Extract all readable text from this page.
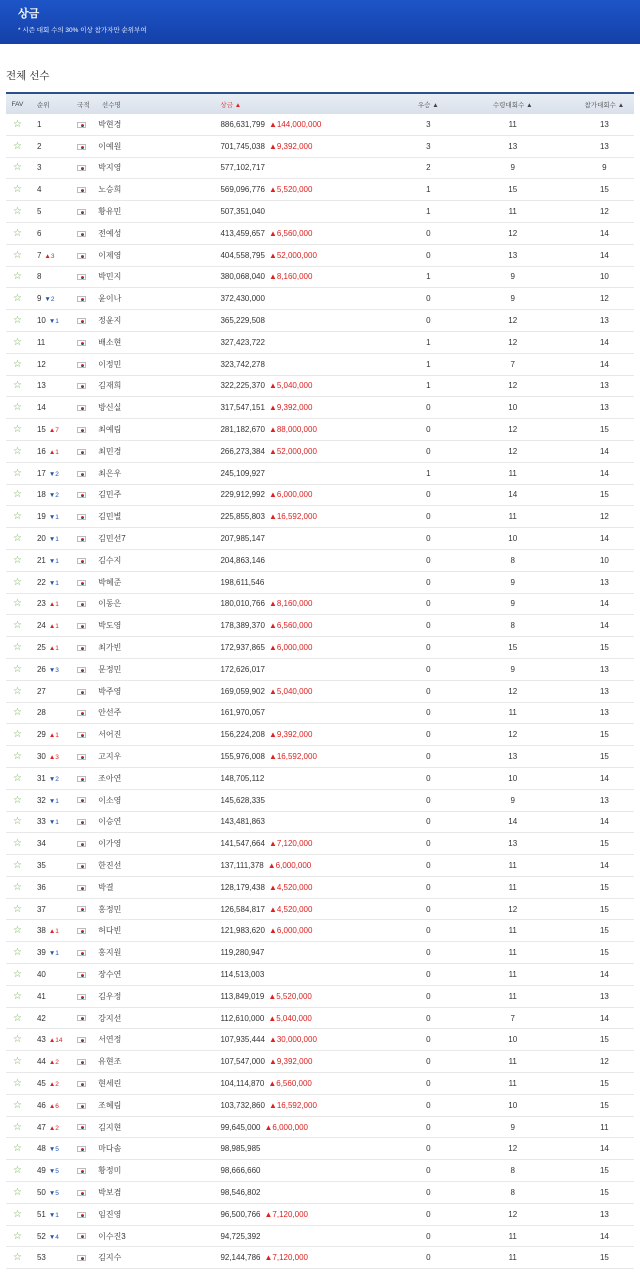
상금
* 시즌 대회 수의 30% 이상 참가자만 순위부여
전체 선수
FAV	순위	국적	선수명	상금 ▲	우승 ▲	수령대회수 ▲	참가대회수 ▲
☆	1	박현경	886,631,799 ▲144,000,000	3	11	13
☆	2	이예원	701,745,038 ▲9,392,000	3	13	13
☆	3	박지영	577,102,717	2	9	9
☆	4	노승희	569,096,776 ▲5,520,000	1	15	15
☆	5	황유민	507,351,040	1	11	12
☆	6	전예성	413,459,657 ▲6,560,000	0	12	14
☆	7 ▲3	이제영	404,558,795 ▲52,000,000	0	13	14
☆	8	박민지	380,068,040 ▲8,160,000	1	9	10
☆	9 ▼2	윤이나	372,430,000	0	9	12
☆	10 ▼1	정윤지	365,229,508	0	12	13
☆	11	배소현	327,423,722	1	12	14
☆	12	이정민	323,742,278	1	7	14
☆	13	김재희	322,225,370 ▲5,040,000	1	12	13
☆	14	방신실	317,547,151 ▲9,392,000	0	10	13
☆	15 ▲7	최예림	281,182,670 ▲88,000,000	0	12	15
☆	16 ▲1	최민경	266,273,384 ▲52,000,000	0	12	14
☆	17 ▼2	최은우	245,109,927	1	11	14
☆	18 ▼2	김민주	229,912,992 ▲6,000,000	0	14	15
☆	19 ▼1	김민별	225,855,803 ▲16,592,000	0	11	12
☆	20 ▼1	김민선7	207,985,147	0	10	14
☆	21 ▼1	김수지	204,863,146	0	8	10
☆	22 ▼1	박혜준	198,611,546	0	9	13
☆	23 ▲1	이동은	180,010,766 ▲8,160,000	0	9	14
☆	24 ▲1	박도영	178,389,370 ▲6,560,000	0	8	14
☆	25 ▲1	최가빈	172,937,865 ▲6,000,000	0	15	15
☆	26 ▼3	문정민	172,626,017	0	9	13
☆	27	박주영	169,059,902 ▲5,040,000	0	12	13
☆	28	안선주	161,970,057	0	11	13
☆	29 ▲1	서어진	156,224,208 ▲9,392,000	0	12	15
☆	30 ▲3	고지우	155,976,008 ▲16,592,000	0	13	15
☆	31 ▼2	조아연	148,705,112	0	10	14
☆	32 ▼1	이소영	145,628,335	0	9	13
☆	33 ▼1	이승연	143,481,863	0	14	14
☆	34	이가영	141,547,664 ▲7,120,000	0	13	15
☆	35	한진선	137,111,378 ▲6,000,000	0	11	14
☆	36	박결	128,179,438 ▲4,520,000	0	11	15
☆	37	홍정민	126,584,817 ▲4,520,000	0	12	15
☆	38 ▲1	허다빈	121,983,620 ▲6,000,000	0	11	15
☆	39 ▼1	홍지원	119,280,947	0	11	15
☆	40	장수연	114,513,003	0	11	14
☆	41	김우정	113,849,019 ▲5,520,000	0	11	13
☆	42	강지선	112,610,000 ▲5,040,000	0	7	14
☆	43 ▲14	서연정	107,935,444 ▲30,000,000	0	10	15
☆	44 ▲2	유현조	107,547,000 ▲9,392,000	0	11	12
☆	45 ▲2	현세린	104,114,870 ▲6,560,000	0	11	15
☆	46 ▲6	조혜림	103,732,860 ▲16,592,000	0	10	15
☆	47 ▲2	김지현	99,645,000 ▲6,000,000	0	9	11
☆	48 ▼5	마다솜	98,985,985	0	12	14
☆	49 ▼5	황정미	98,666,660	0	8	15
☆	50 ▼5	박보겸	98,546,802	0	8	15
☆	51 ▼1	임진영	96,500,766 ▲7,120,000	0	12	13
☆	52 ▼4	이수진3	94,725,392	0	11	14
☆	53	김지수	92,144,786 ▲7,120,000	0	11	15
